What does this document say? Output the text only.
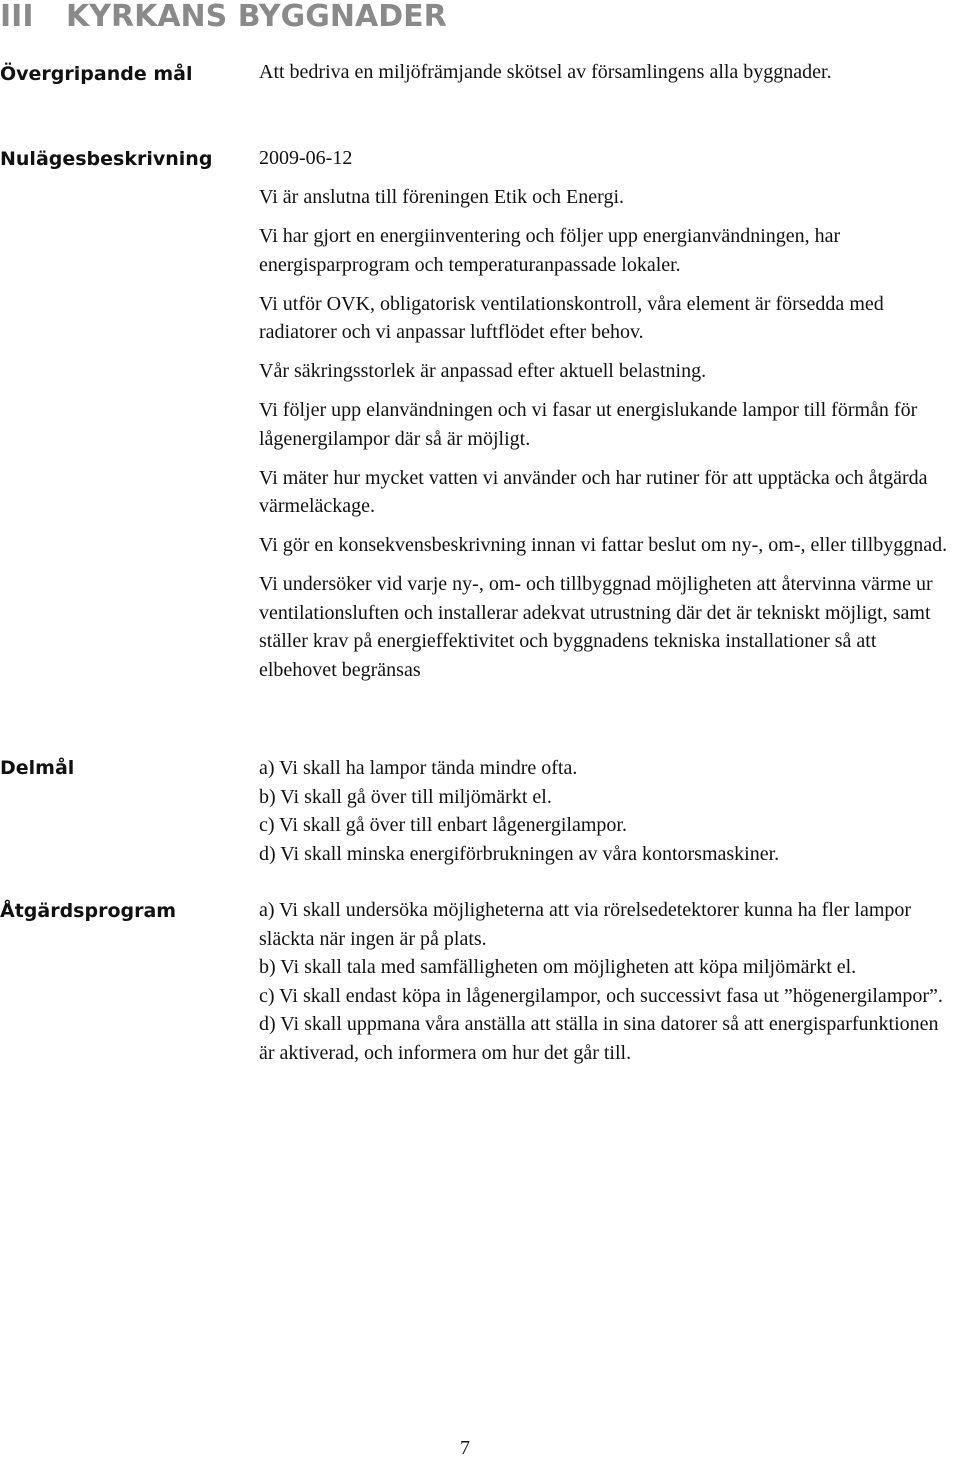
III KYRKANS BYGGNADER
Övergripande mål	Att bedriva en miljöfrämjande skötsel av församlingens alla byggnader.

Nulägesbeskrivning 2009-06-12

Vi är anslutna till föreningen Etik och Energi.

Vi har gjort en energiinventering och följer upp energianvändningen, har energisparprogram och temperaturanpassade lokaler.

Vi utför OVK, obligatorisk ventilationskontroll, våra element är försedda med radiatorer och vi anpassar luftflödet efter behov.

Vår säkringsstorlek är anpassad efter aktuell belastning.

Vi följer upp elanvändningen och vi fasar ut energislukande lampor till förmån för lågenergilampor där så är möjligt.

Vi mäter hur mycket vatten vi använder och har rutiner för att upptäcka och åtgärda värmeläckage.

Vi gör en konsekvensbeskrivning innan vi fattar beslut om ny-, om-, eller tillbyggnad.

Vi undersöker vid varje ny-, om- och tillbyggnad möjligheten att återvinna värme ur ventilationsluften och installerar adekvat utrustning där det är tekniskt möjligt, samt ställer krav på energieffektivitet och byggnadens tekniska installationer så att elbehovet begränsas

Delmål	a) Vi skall ha lampor tända mindre ofta.

b) Vi skall gå över till miljömärkt el.

c) Vi skall gå över till enbart lågenergilampor.

d) Vi skall minska energiförbrukningen av våra kontorsmaskiner.

Åtgärdsprogram	a) Vi skall undersöka möjligheterna att via rörelsedetektorer kunna ha fler lampor släckta när ingen är på plats.

b) Vi skall tala med samfälligheten om möjligheten att köpa miljömärkt el.

c) Vi skall endast köpa in lågenergilampor, och successivt fasa ut ”högenergilampor”.

d) Vi skall uppmana våra anställa att ställa in sina datorer så att energisparfunktionen är aktiverad, och informera om hur det går till.

7
